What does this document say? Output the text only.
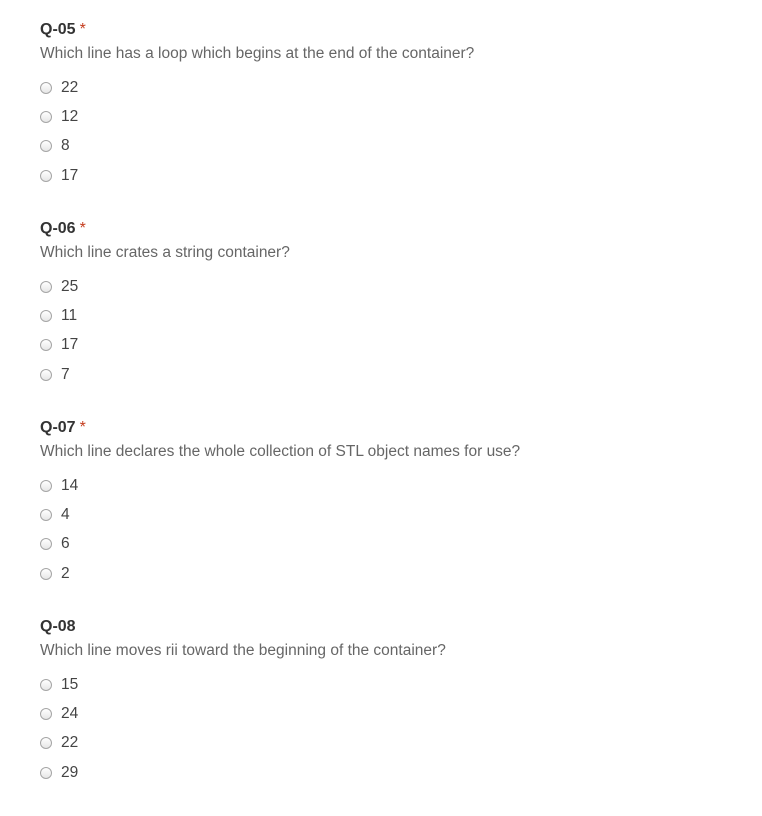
Q-05 *
Which line has a loop which begins at the end of the container?
22
12
8
17
Q-06 *
Which line crates a string container?
25
11
17
7
Q-07 *
Which line declares the whole collection of STL object names for use?
14
4
6
2
Q-08
Which line moves rii toward the beginning of the container?
15
24
22
29
